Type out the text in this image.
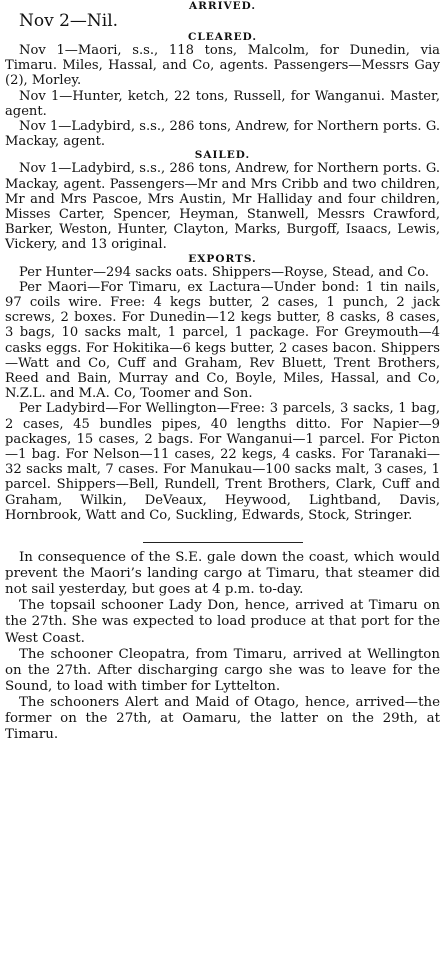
ARRIVED.

Nov 2—Nil.

CLEARED.

Nov 1—Maori, s.s., 118 tons, Malcolm, for Dunedin, via Timaru. Miles, Hassal, and Co, agents. Passengers—Messrs Gay (2), Morley.

Nov 1—Hunter, ketch, 22 tons, Russell, for Wanganui. Master, agent.

Nov 1—Ladybird, s.s., 286 tons, Andrew, for Northern ports. G. Mackay, agent.

SAILED.

Nov 1—Ladybird, s.s., 286 tons, Andrew, for Northern ports. G. Mackay, agent. Passengers—Mr and Mrs Cribb and two children, Mr and Mrs Pascoe, Mrs Austin, Mr Halliday and four children, Misses Carter, Spencer, Heyman, Stanwell, Messrs Crawford, Barker, Weston, Hunter, Clayton, Marks, Burgoff, Isaacs, Lewis, Vickery, and 13 original.

EXPORTS.

Per Hunter—294 sacks oats. Shippers—Royse, Stead, and Co.

Per Maori—For Timaru, ex Lactura—Under bond: 1 tin nails, 97 coils wire. Free: 4 kegs butter, 2 cases, 1 punch, 2 jack screws, 2 boxes. For Dunedin—12 kegs butter, 8 casks, 8 cases, 3 bags, 10 sacks malt, 1 parcel, 1 package. For Greymouth—4 casks eggs. For Hokitika—6 kegs butter, 2 cases bacon. Shippers—Watt and Co, Cuff and Graham, Rev Bluett, Trent Brothers, Reed and Bain, Murray and Co, Boyle, Miles, Hassal, and Co, N.Z.L. and M.A. Co, Toomer and Son.

Per Ladybird—For Wellington—Free: 3 parcels, 3 sacks, 1 bag, 2 cases, 45 bundles pipes, 40 lengths ditto. For Napier—9 packages, 15 cases, 2 bags. For Wanganui—1 parcel. For Picton—1 bag. For Nelson—11 cases, 22 kegs, 4 casks. For Taranaki—32 sacks malt, 7 cases. For Manukau—100 sacks malt, 3 cases, 1 parcel. Shippers—Bell, Rundell, Trent Brothers, Clark, Cuff and Graham, Wilkin, DeVeaux, Heywood, Lightband, Davis, Hornbrook, Watt and Co, Suckling, Edwards, Stock, Stringer.

In consequence of the S.E. gale down the coast, which would prevent the Maori’s landing cargo at Timaru, that steamer did not sail yesterday, but goes at 4 p.m. to-day.

The topsail schooner Lady Don, hence, arrived at Timaru on the 27th. She was expected to load produce at that port for the West Coast.

The schooner Cleopatra, from Timaru, arrived at Wellington on the 27th. After discharging cargo she was to leave for the Sound, to load with timber for Lyttelton.

The schooners Alert and Maid of Otago, hence, arrived—the former on the 27th, at Oamaru, the latter on the 29th, at Timaru.
